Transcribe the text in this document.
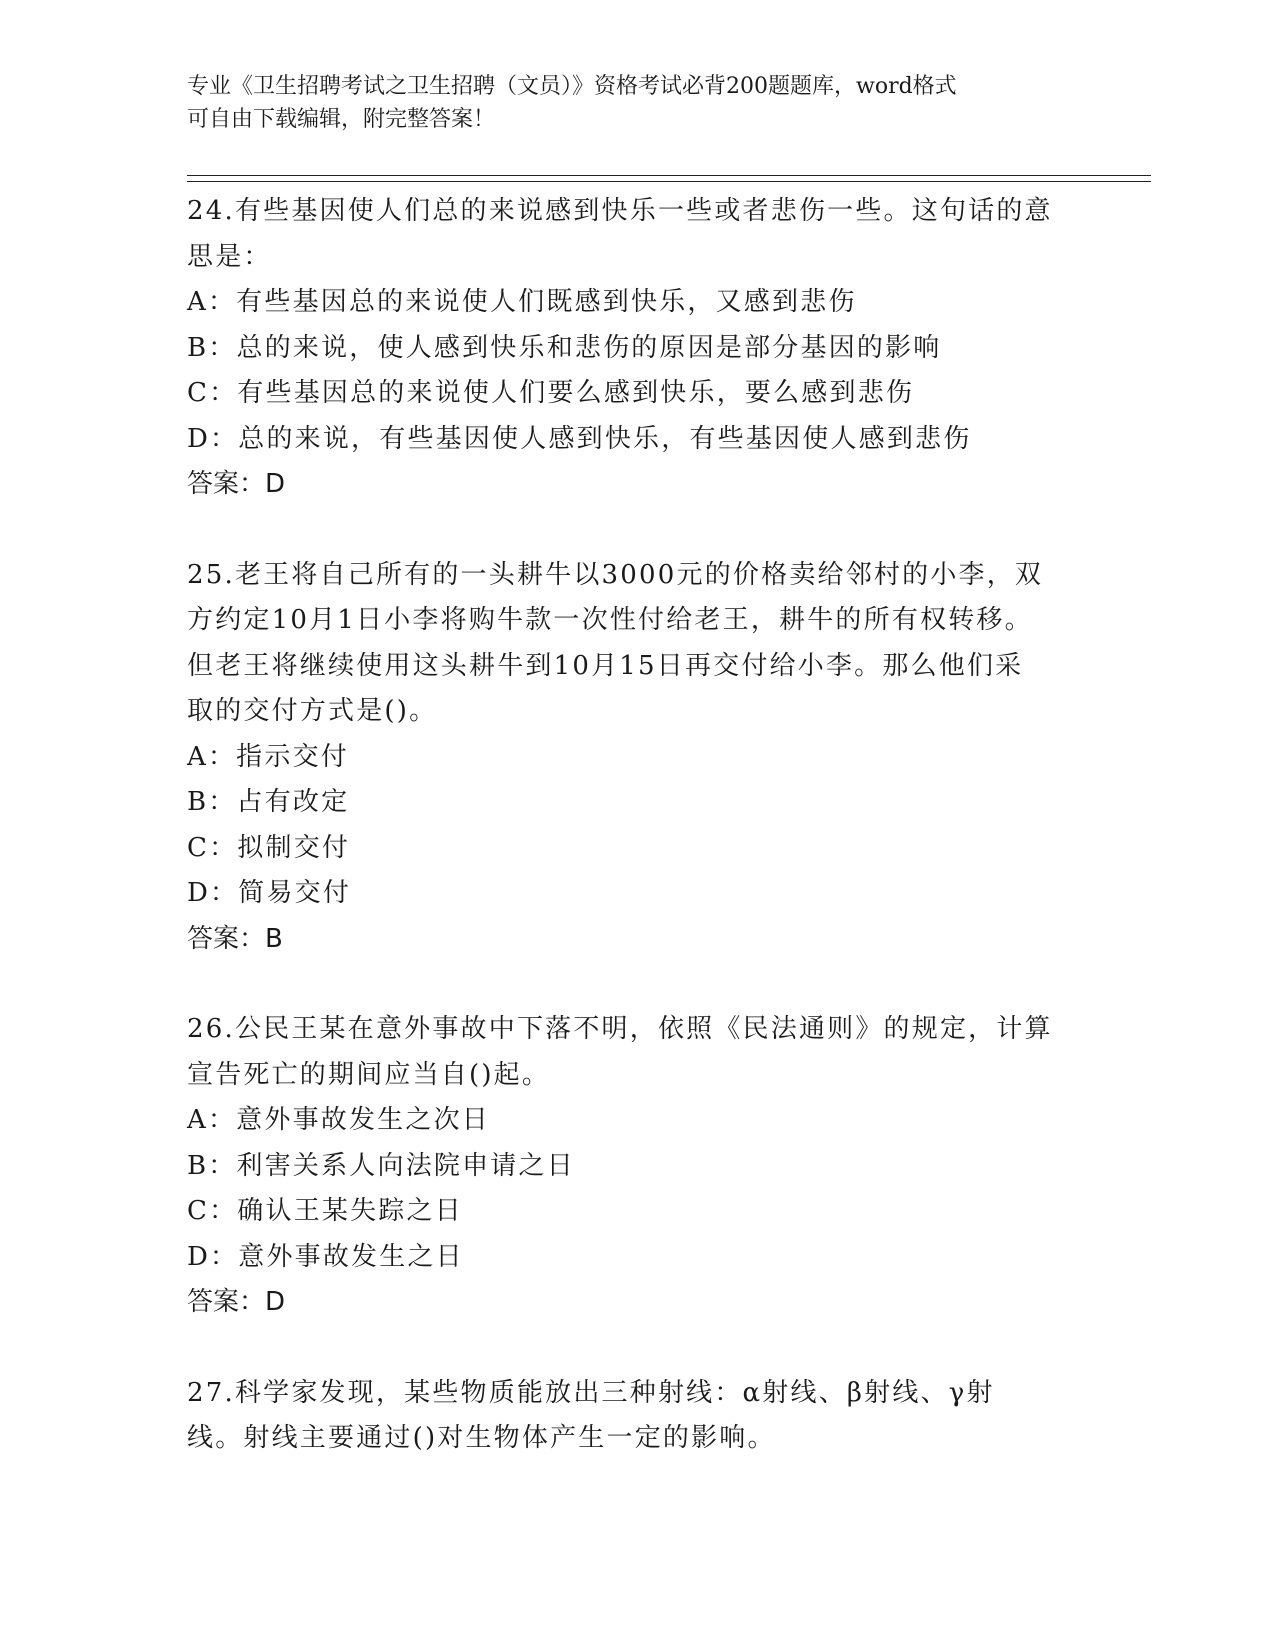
专业《卫生招聘考试之卫生招聘（文员）》资格考试必背200题题库，word格式
可自由下载编辑，附完整答案！
24.有些基因使人们总的来说感到快乐一些或者悲伤一些。这句话的意
思是：
A：有些基因总的来说使人们既感到快乐，又感到悲伤
B：总的来说，使人感到快乐和悲伤的原因是部分基因的影响
C：有些基因总的来说使人们要么感到快乐，要么感到悲伤
D：总的来说，有些基因使人感到快乐，有些基因使人感到悲伤
答案：D
25.老王将自己所有的一头耕牛以3000元的价格卖给邻村的小李，双
方约定10月1日小李将购牛款一次性付给老王，耕牛的所有权转移。
但老王将继续使用这头耕牛到10月15日再交付给小李。那么他们采
取的交付方式是()。
A：指示交付
B：占有改定
C：拟制交付
D：简易交付
答案：B
26.公民王某在意外事故中下落不明，依照《民法通则》的规定，计算
宣告死亡的期间应当自()起。
A：意外事故发生之次日
B：利害关系人向法院申请之日
C：确认王某失踪之日
D：意外事故发生之日
答案：D
27.科学家发现，某些物质能放出三种射线：α射线、β射线、γ射
线。射线主要通过()对生物体产生一定的影响。
